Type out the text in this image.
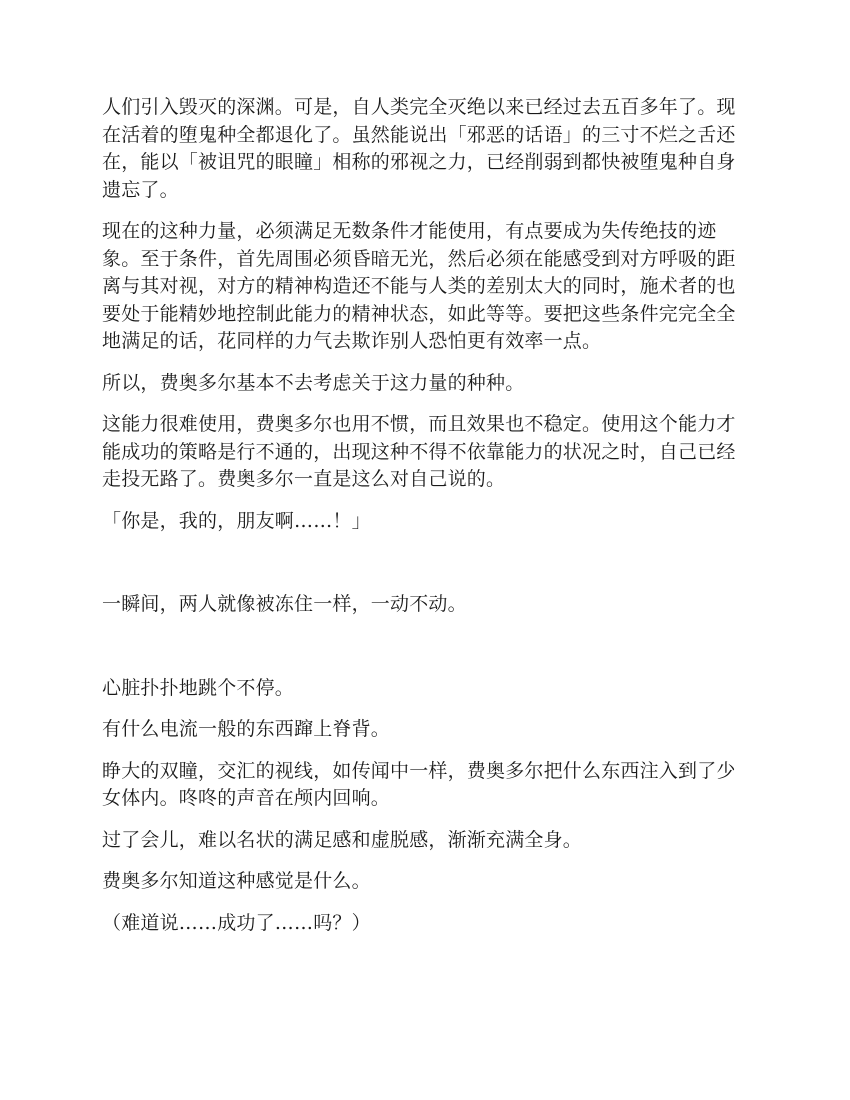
人们引入毁灭的深渊。可是，自人类完全灭绝以来已经过去五百多年了。现在活着的堕鬼种全都退化了。虽然能说出「邪恶的话语」的三寸不烂之舌还在，能以「被诅咒的眼瞳」相称的邪视之力，已经削弱到都快被堕鬼种自身遗忘了。

现在的这种力量，必须满足无数条件才能使用，有点要成为失传绝技的迹象。至于条件，首先周围必须昏暗无光，然后必须在能感受到对方呼吸的距离与其对视，对方的精神构造还不能与人类的差别太大的同时，施术者的也要处于能精妙地控制此能力的精神状态，如此等等。要把这些条件完完全全地满足的话，花同样的力气去欺诈别人恐怕更有效率一点。

所以，费奥多尔基本不去考虑关于这力量的种种。

这能力很难使用，费奥多尔也用不惯，而且效果也不稳定。使用这个能力才能成功的策略是行不通的，出现这种不得不依靠能力的状况之时，自己已经走投无路了。费奥多尔一直是这么对自己说的。

「你是，我的，朋友啊……！」

一瞬间，两人就像被冻住一样，一动不动。

心脏扑扑地跳个不停。

有什么电流一般的东西蹿上脊背。

睁大的双瞳，交汇的视线，如传闻中一样，费奥多尔把什么东西注入到了少女体内。咚咚的声音在颅内回响。

过了会儿，难以名状的满足感和虚脱感，渐渐充满全身。

费奥多尔知道这种感觉是什么。

（难道说……成功了……吗？）
